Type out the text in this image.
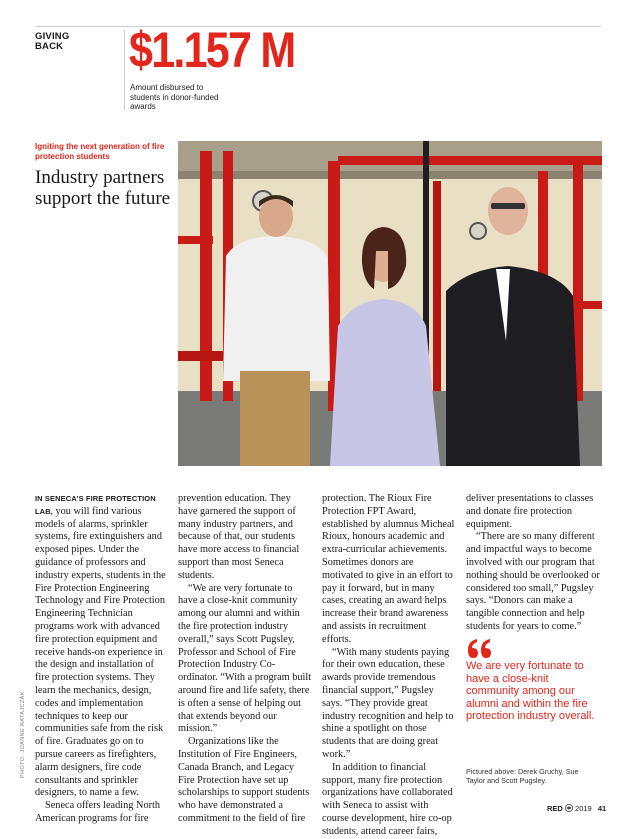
GIVING
BACK $1.157 M
Amount disbursed to students in donor-funded awards
Igniting the next generation of fire protection students
Industry partners support the future
PHOTO: JOANNE RATAJCZAK

IN SENECA'S FIRE PROTECTION LAB, you will find various models of alarms, sprinkler systems, fire extinguishers and exposed pipes. Under the guidance of professors and industry experts, students in the Fire Protection Engineering Technology and Fire Protection Engineering Technician programs work with advanced fire protection equipment and receive hands-on experience in the design and installation of fire protection systems. They learn the mechanics, design, codes and implementation techniques to keep our communities safe from the risk of fire. Graduates go on to pursue careers as firefighters, alarm designers, fire code consultants and sprinkler designers, to name a few.

Seneca offers leading North American programs for fire

prevention education. They have garnered the support of many industry partners, and because of that, our students have more access to financial support than most Seneca students.

“We are very fortunate to have a close-knit community among our alumni and within the fire protection industry overall,” says Scott Pugsley, Professor and School of Fire Protection Industry Co-ordinator. “With a program built around fire and life safety, there is often a sense of helping out that extends beyond our mission.”

Organizations like the Institution of Fire Engineers, Canada Branch, and Legacy Fire Protection have set up scholarships to support students who have demonstrated a commitment to the field of fire

protection. The Rioux Fire Protection FPT Award, established by alumnus Micheal Rioux, honours academic and extra-curricular achievements. Sometimes donors are motivated to give in an effort to pay it forward, but in many cases, creating an award helps increase their brand awareness and assists in recruitment efforts.

“With many students paying for their own education, these awards provide tremendous financial support,” Pugsley says. “They provide great industry recognition and help to shine a spotlight on those students that are doing great work.”

In addition to financial support, many fire protection organizations have collaborated with Seneca to assist with course development, hire co-op students, attend career fairs,

deliver presentations to classes and donate fire protection equipment.

“There are so many different and impactful ways to become involved with our program that nothing should be overlooked or considered too small,” Pugsley says. “Donors can make a tangible connection and help students for years to come.”

We are very fortunate to have a close-knit community among our alumni and within the fire protection industry overall.
Pictured above: Derek Gruchy, Sue Taylor and Scott Pugsley.
RED 2019 41
